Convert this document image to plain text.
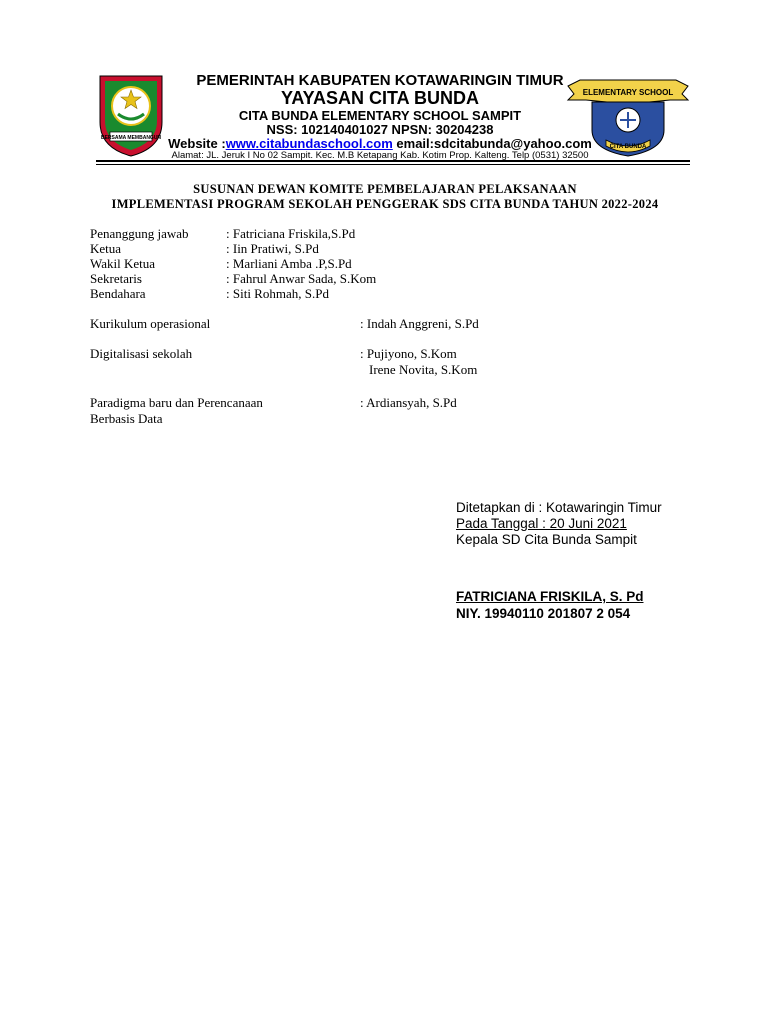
BERSAMA MEMBANGUN
ELEMENTARY SCHOOL
CITA BUNDA
PEMERINTAH KABUPATEN KOTAWARINGIN TIMUR
YAYASAN CITA BUNDA
CITA BUNDA ELEMENTARY SCHOOL SAMPIT
NSS: 102140401027 NPSN: 30204238
Website :www.citabundaschool.com email:sdcitabunda@yahoo.com
Alamat: JL. Jeruk I No 02 Sampit. Kec. M.B Ketapang Kab. Kotim Prop. Kalteng. Telp (0531) 32500
SUSUNAN DEWAN KOMITE PEMBELAJARAN PELAKSANAAN
IMPLEMENTASI PROGRAM SEKOLAH PENGGERAK SDS CITA BUNDA TAHUN 2022-2024
Penanggung jawab	: Fatriciana Friskila,S.Pd
Ketua	: Iin Pratiwi, S.Pd
Wakil Ketua	: Marliani Amba .P,S.Pd
Sekretaris	: Fahrul Anwar Sada, S.Kom
Bendahara	: Siti Rohmah, S.Pd
Kurikulum operasional	: Indah Anggreni, S.Pd
Digitalisasi sekolah	: Pujiyono, S.Kom
Irene Novita, S.Kom
Paradigma baru dan Perencanaan	: Ardiansyah, S.Pd
Berbasis Data
Ditetapkan di : Kotawaringin Timur
Pada Tanggal : 20 Juni 2021
Kepala SD Cita Bunda Sampit
FATRICIANA FRISKILA, S. Pd
NIY. 19940110 201807 2 054
